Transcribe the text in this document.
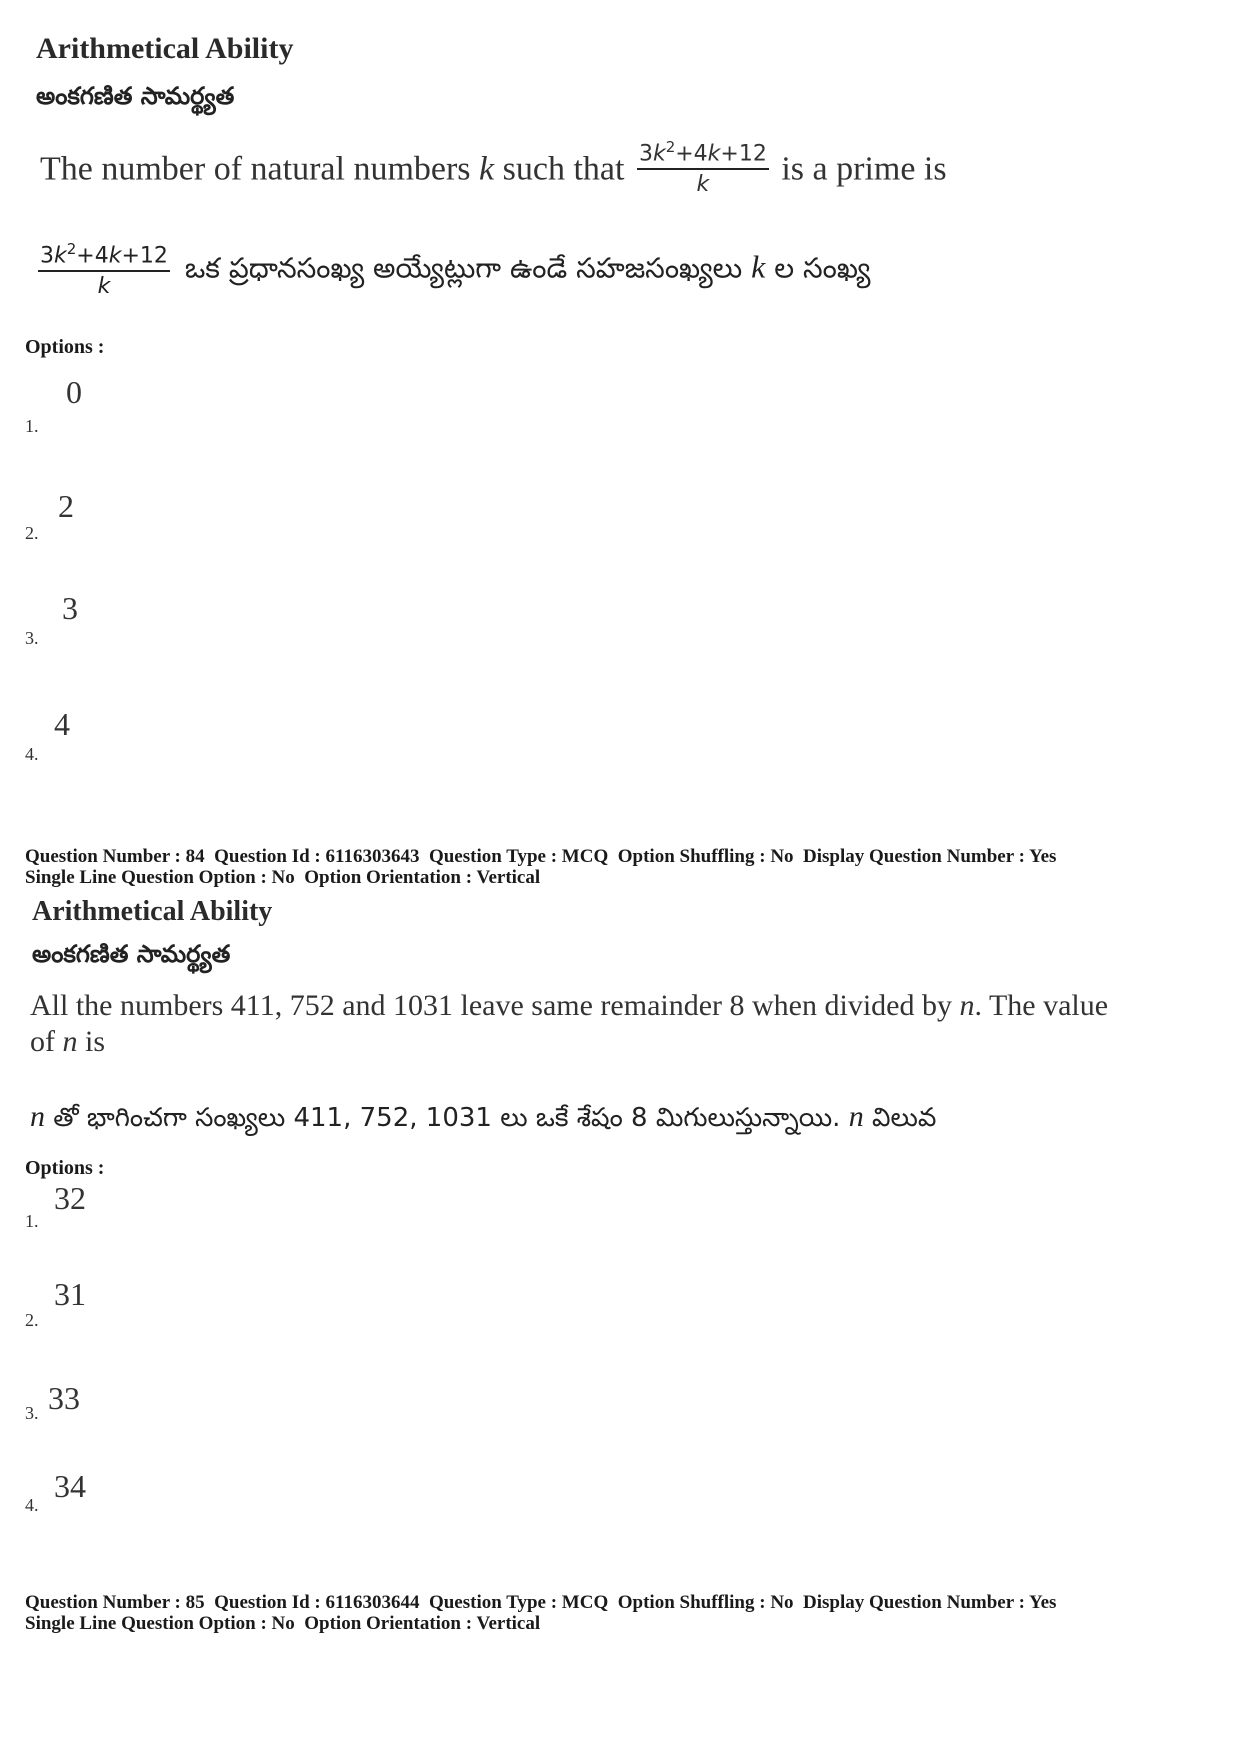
Arithmetical Ability
అంకగణిత సామర్థ్యత
The number of natural numbers k such that $\frac{3k^2+4k+12}{k}$ is a prime is
$\frac{3k^2+4k+12}{k}$ ఒక ప్రధానసంఖ్య అయ్యేట్లుగా ఉండే సహజసంఖ్యలు k ల సంఖ్య
Options :
1.
0
2.
2
3.
3
4.
4
Question Number : 84  Question Id : 6116303643  Question Type : MCQ  Option Shuffling : No  Display Question Number : Yes
Single Line Question Option : No  Option Orientation : Vertical
Arithmetical Ability
అంకగణిత సామర్థ్యత
All the numbers 411, 752 and 1031 leave same remainder 8 when divided by n. The value
of n is
n తో భాగించగా సంఖ్యలు 411, 752, 1031 లు ఒకే శేషం 8 మిగులుస్తున్నాయి. n విలువ
Options :
1.
32
2.
31
3. 33
4.
34
Question Number : 85  Question Id : 6116303644  Question Type : MCQ  Option Shuffling : No  Display Question Number : Yes
Single Line Question Option : No  Option Orientation : Vertical
